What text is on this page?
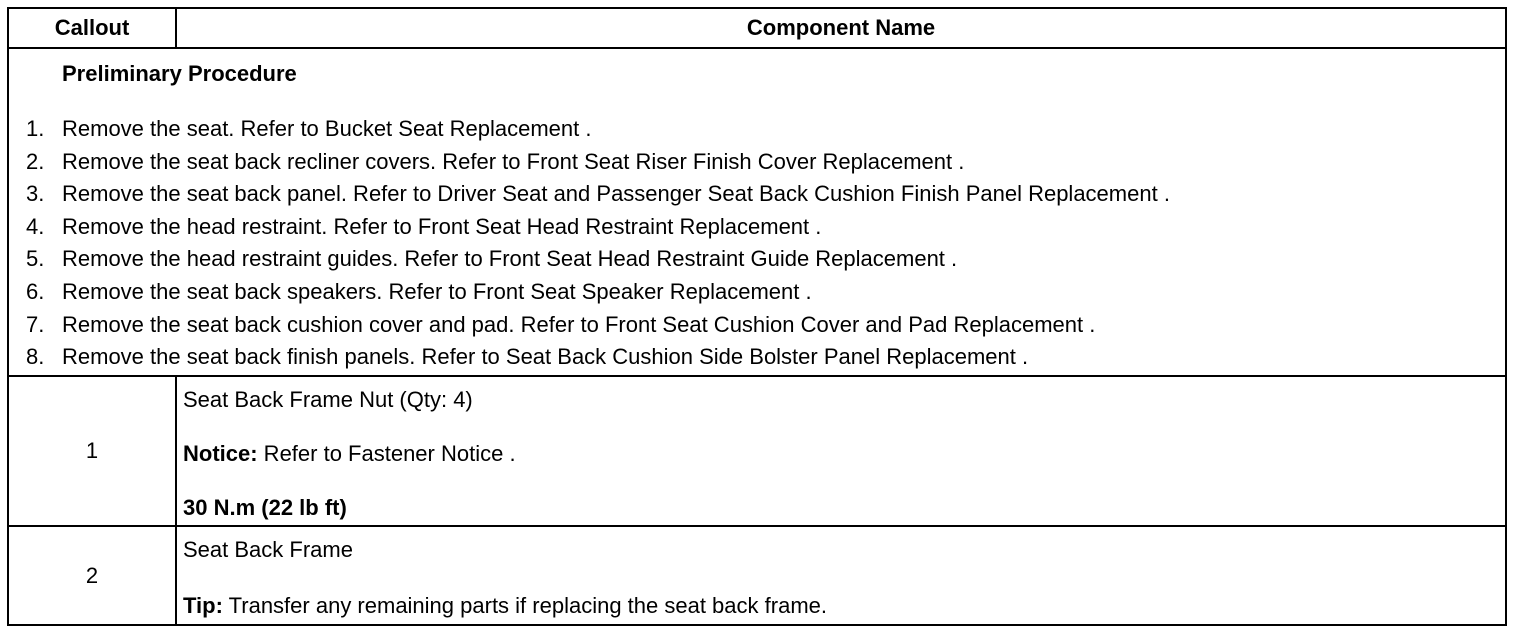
Callout	Component Name
Preliminary Procedure
1. Remove the seat. Refer to Bucket Seat Replacement .
2. Remove the seat back recliner covers. Refer to Front Seat Riser Finish Cover Replacement .
3. Remove the seat back panel. Refer to Driver Seat and Passenger Seat Back Cushion Finish Panel Replacement .
4. Remove the head restraint. Refer to Front Seat Head Restraint Replacement .
5. Remove the head restraint guides. Refer to Front Seat Head Restraint Guide Replacement .
6. Remove the seat back speakers. Refer to Front Seat Speaker Replacement .
7. Remove the seat back cushion cover and pad. Refer to Front Seat Cushion Cover and Pad Replacement .
8. Remove the seat back finish panels. Refer to Seat Back Cushion Side Bolster Panel Replacement .
1
Seat Back Frame Nut (Qty: 4)
Notice: Refer to Fastener Notice .
30 N.m (22 lb ft)
2
Seat Back Frame
Tip: Transfer any remaining parts if replacing the seat back frame.
